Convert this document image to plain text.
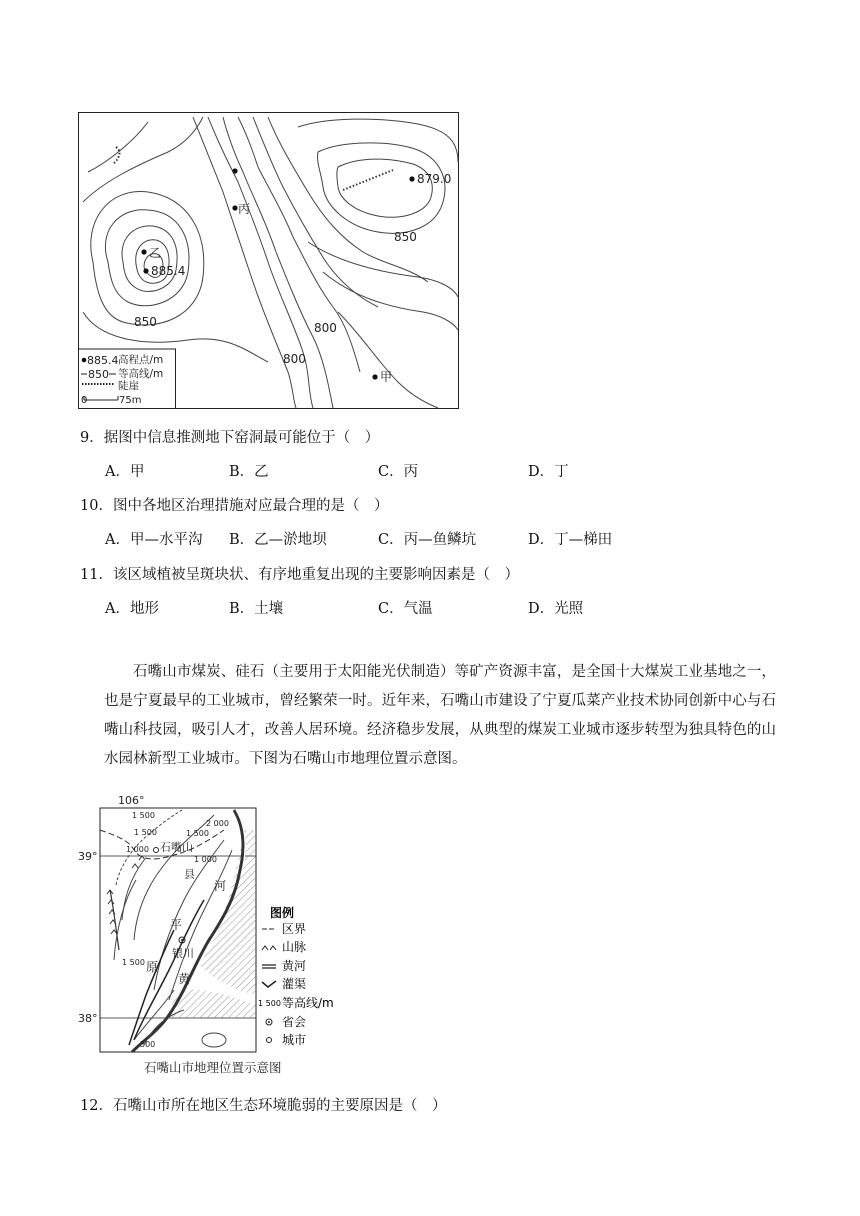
丙
879.0
乙
885.4
甲
850
850	800
800
885.4 高程点/m
850 等高线/m
陡崖
0	75m
9．据图中信息推测地下窑洞最可能位于（　）
A．甲	B．乙	C．丙	D．丁
10．图中各地区治理措施对应最合理的是（　）
A．甲—水平沟 B．乙—淤地坝	C．丙—鱼鳞坑	D．丁—梯田
11．该区域植被呈斑块状、有序地重复出现的主要影响因素是（　）
A．地形	B．土壤	C．气温	D．光照

石嘴山市煤炭、硅石（主要用于太阳能光伏制造）等矿产资源丰富，是全国十大煤炭工业基地之一，也是宁夏最早的工业城市，曾经繁荣一时。近年来，石嘴山市建设了宁夏瓜菜产业技术协同创新中心与石嘴山科技园，吸引人才，改善人居环境。经济稳步发展，从典型的煤炭工业城市逐步转型为独具特色的山水园林新型工业城市。下图为石嘴山市地理位置示意图。

106°
39°
38°
石嘴山
银川
平
原
黄
河
县
1 500
2 000
1 500
1 000
1 500
1 000
500
1 500
图例
区界
山脉
黄河
灌渠
1 500 等高线/m
省会
城市
石嘴山市地理位置示意图
12．石嘴山市所在地区生态环境脆弱的主要原因是（　）
